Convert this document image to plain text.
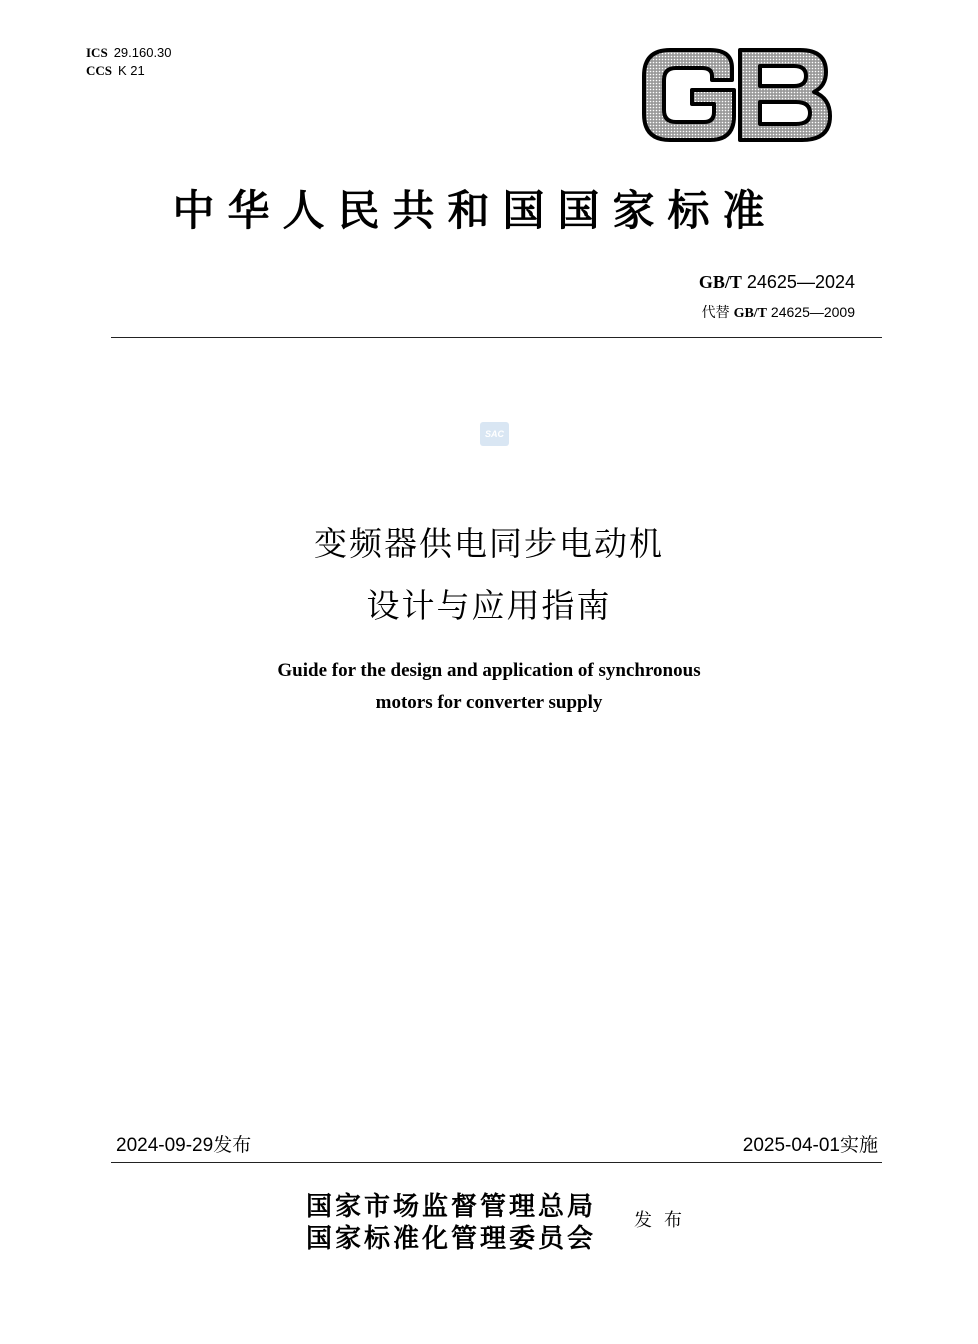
ICS 29.160.30
CCS K 21
GB
中华人民共和国国家标准
GB/T 24625—2024
代替 GB/T 24625—2009
SAC
变频器供电同步电动机
设计与应用指南
Guide for the design and application of synchronous
motors for converter supply
2024-09-29发布	2025-04-01实施
国家市场监督管理总局
国家标准化管理委员会
发布
